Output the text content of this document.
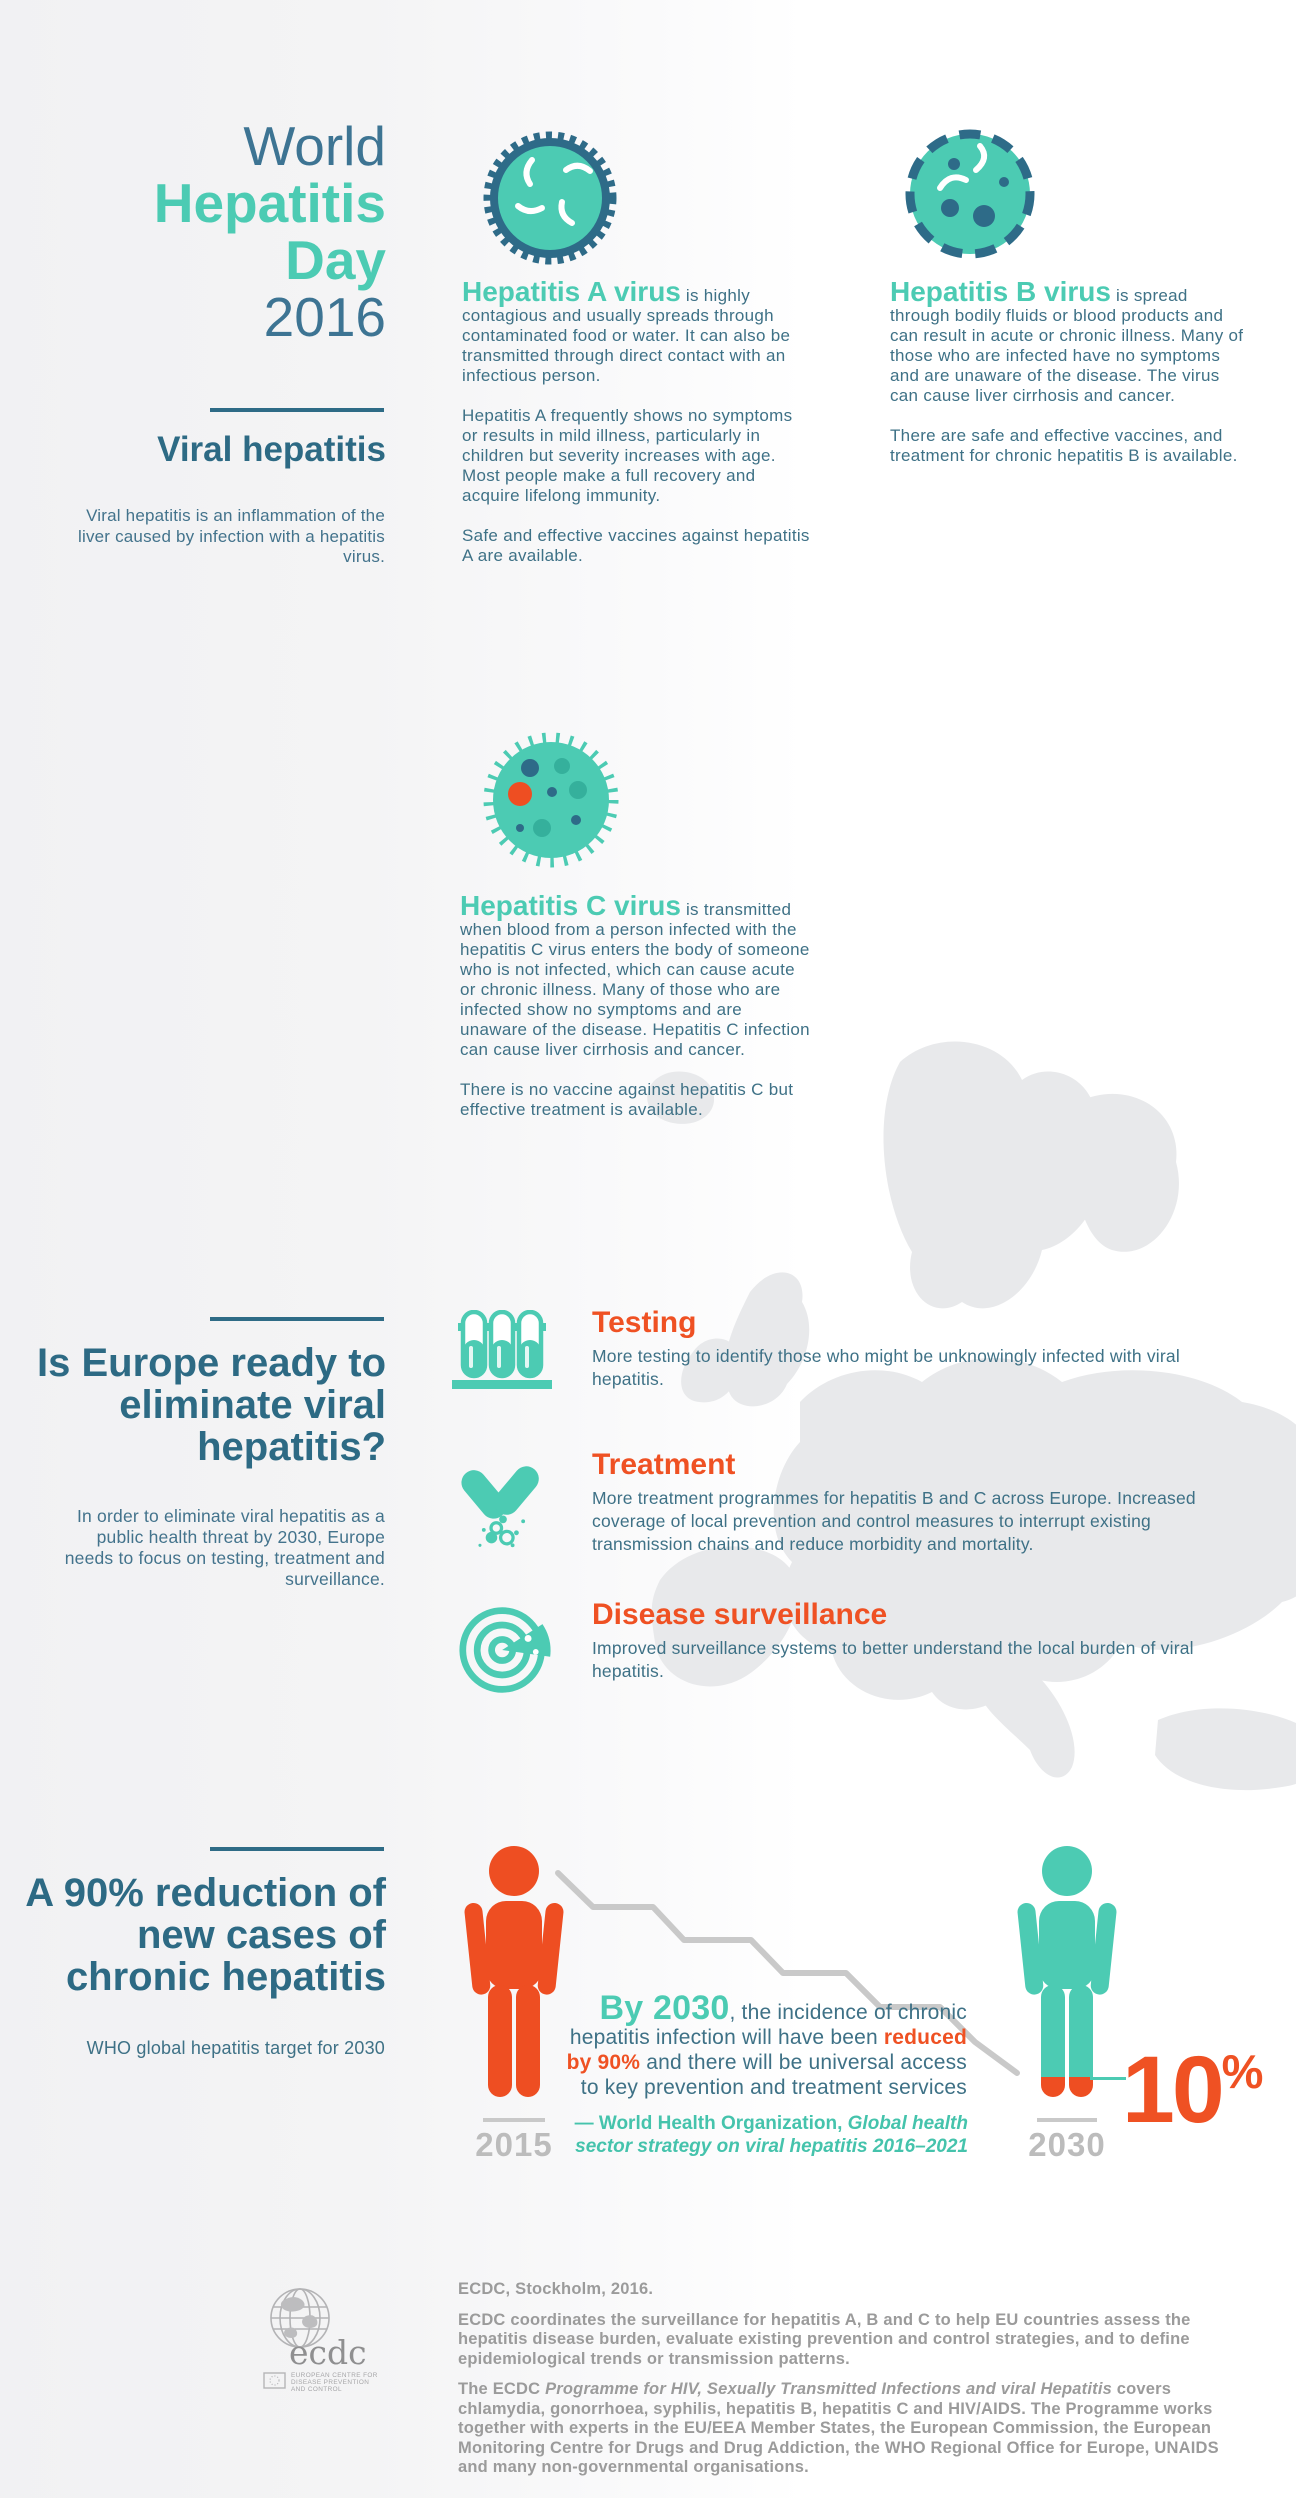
World
Hepatitis
Day
2016
Viral hepatitis
Viral hepatitis is an inflammation of the liver caused by infection with a hepatitis virus.

Hepatitis A virus is highly contagious and usually spreads through contaminated food or water. It can also be transmitted through direct contact with an infectious person.

Hepatitis A frequently shows no symptoms or results in mild illness, particularly in children but severity increases with age. Most people make a full recovery and acquire lifelong immunity.

Safe and effective vaccines against hepatitis A are available.

Hepatitis B virus is spread through bodily fluids or blood products and can result in acute or chronic illness. Many of those who are infected have no symptoms and are unaware of the disease. The virus can cause liver cirrhosis and cancer.

There are safe and effective vaccines, and treatment for chronic hepatitis B is available.

Hepatitis C virus is transmitted when blood from a person infected with the hepatitis C virus enters the body of someone who is not infected, which can cause acute or chronic illness. Many of those who are infected show no symptoms and are unaware of the disease. Hepatitis C infection can cause liver cirrhosis and cancer.

There is no vaccine against hepatitis C but effective treatment is available.

Is Europe ready to eliminate viral hepatitis?
In order to eliminate viral hepatitis as a public health threat by 2030, Europe needs to focus on testing, treatment and surveillance.

Testing

More testing to identify those who might be unknowingly infected with viral hepatitis.

Treatment

More treatment programmes for hepatitis B and C across Europe. Increased coverage of local prevention and control measures to interrupt existing transmission chains and reduce morbidity and mortality.

Disease surveillance

Improved surveillance systems to better understand the local burden of viral hepatitis.

A 90% reduction of new cases of chronic hepatitis
WHO global hepatitis target for 2030
2015
By 2030, the incidence of chronic hepatitis infection will have been reduced by 90% and there will be universal access to key prevention and treatment services
— World Health Organization, Global health sector strategy on viral hepatitis 2016–2021	2030
10%
ecdc
EUROPEAN CENTRE FOR
DISEASE PREVENTION
AND CONTROL

ECDC, Stockholm, 2016.

ECDC coordinates the surveillance for hepatitis A, B and C to help EU countries assess the hepatitis disease burden, evaluate existing prevention and control strategies, and to define epidemiological trends or transmission patterns.

The ECDC Programme for HIV, Sexually Transmitted Infections and viral Hepatitis covers chlamydia, gonorrhoea, syphilis, hepatitis B, hepatitis C and HIV/AIDS. The Programme works together with experts in the EU/EEA Member States, the European Commission, the European Monitoring Centre for Drugs and Drug Addiction, the WHO Regional Office for Europe, UNAIDS and many non-governmental organisations.
